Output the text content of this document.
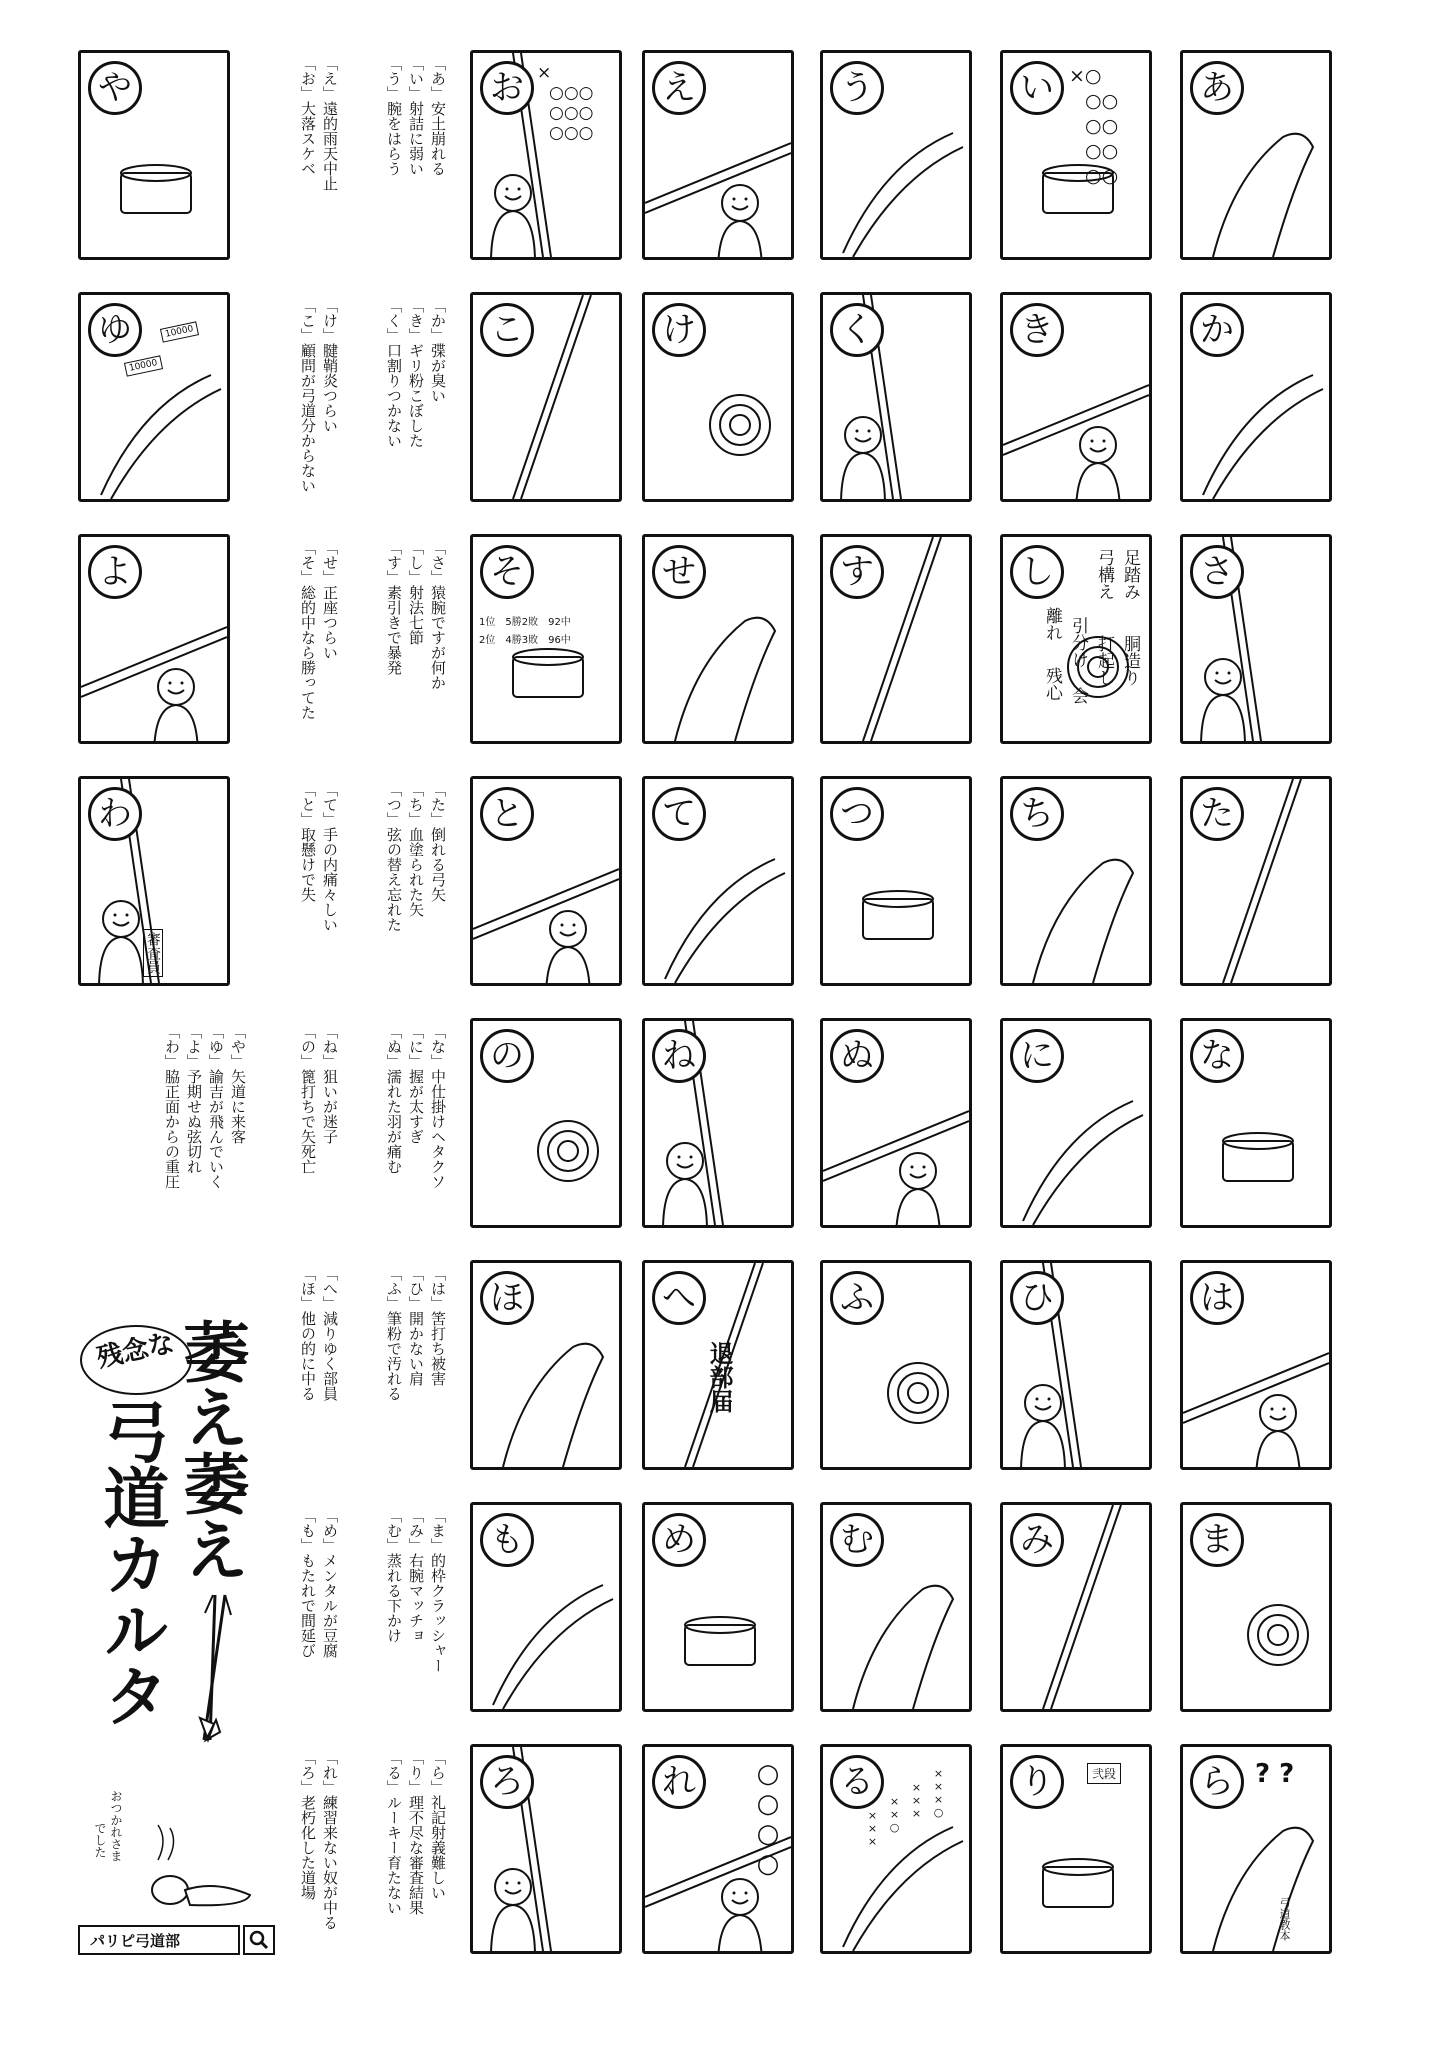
お ×
○○○
○○○
○○○
え	う	い ×○
○○
○○
○○
○○
あ
こ	け	く	き	か
そ
1位　5勝2敗　92中
2位　4勝3敗　96中
せ	す	し	足踏み
胴造り
弓構え
打起し
引分け
会
離れ
残心
さ
と	て	つ	ち	た
の	ね	ぬ	に	な
ほ	へ
退部届
ふ	ひ	は
も	め	む	み	ま
ろ	れ	○○○○ る	×××○
×××
××○
×××
り	弐段 ら
弓道教本
? ?
や
ゆ	10000
10000
よ
わ
審査員
「あ」安土崩れる
「い」射詰に弱い
「う」腕をはらう
「え」遠的雨天中止
「お」大落スケベ
「か」弽が臭い
「き」ギリ粉こぼした
「く」口割りつかない
「け」腱鞘炎つらい
「こ」顧問が弓道分からない
「さ」猿腕ですが何か
「し」射法七節
「す」素引きで暴発
「せ」正座つらい
「そ」総的中なら勝ってた
「た」倒れる弓矢
「ち」血塗られた矢
「つ」弦の替え忘れた
「て」手の内痛々しい
「と」取懸けで失
「な」中仕掛けヘタクソ
「に」握が太すぎ
「ぬ」濡れた羽が痛む
「ね」狙いが迷子
「の」篦打ちで矢死亡
「は」筈打ち被害
「ひ」開かない肩
「ふ」筆粉で汚れる
「へ」減りゆく部員
「ほ」他の的に中る
「ま」的枠クラッシャー
「み」右腕マッチョ
「む」蒸れる下かけ
「め」メンタルが豆腐
「も」もたれで間延び
「ら」礼記射義難しい
「り」理不尽な審査結果
「る」ルーキー育たない
「れ」練習来ない奴が中る
「ろ」老朽化した道場
「や」矢道に来客
「ゆ」諭吉が飛んでいく
「よ」予期せぬ弦切れ
「わ」脇正面からの重圧
残念な
萎え萎え
弓道カルタ
おつかれさま
でした
パリピ弓道部
